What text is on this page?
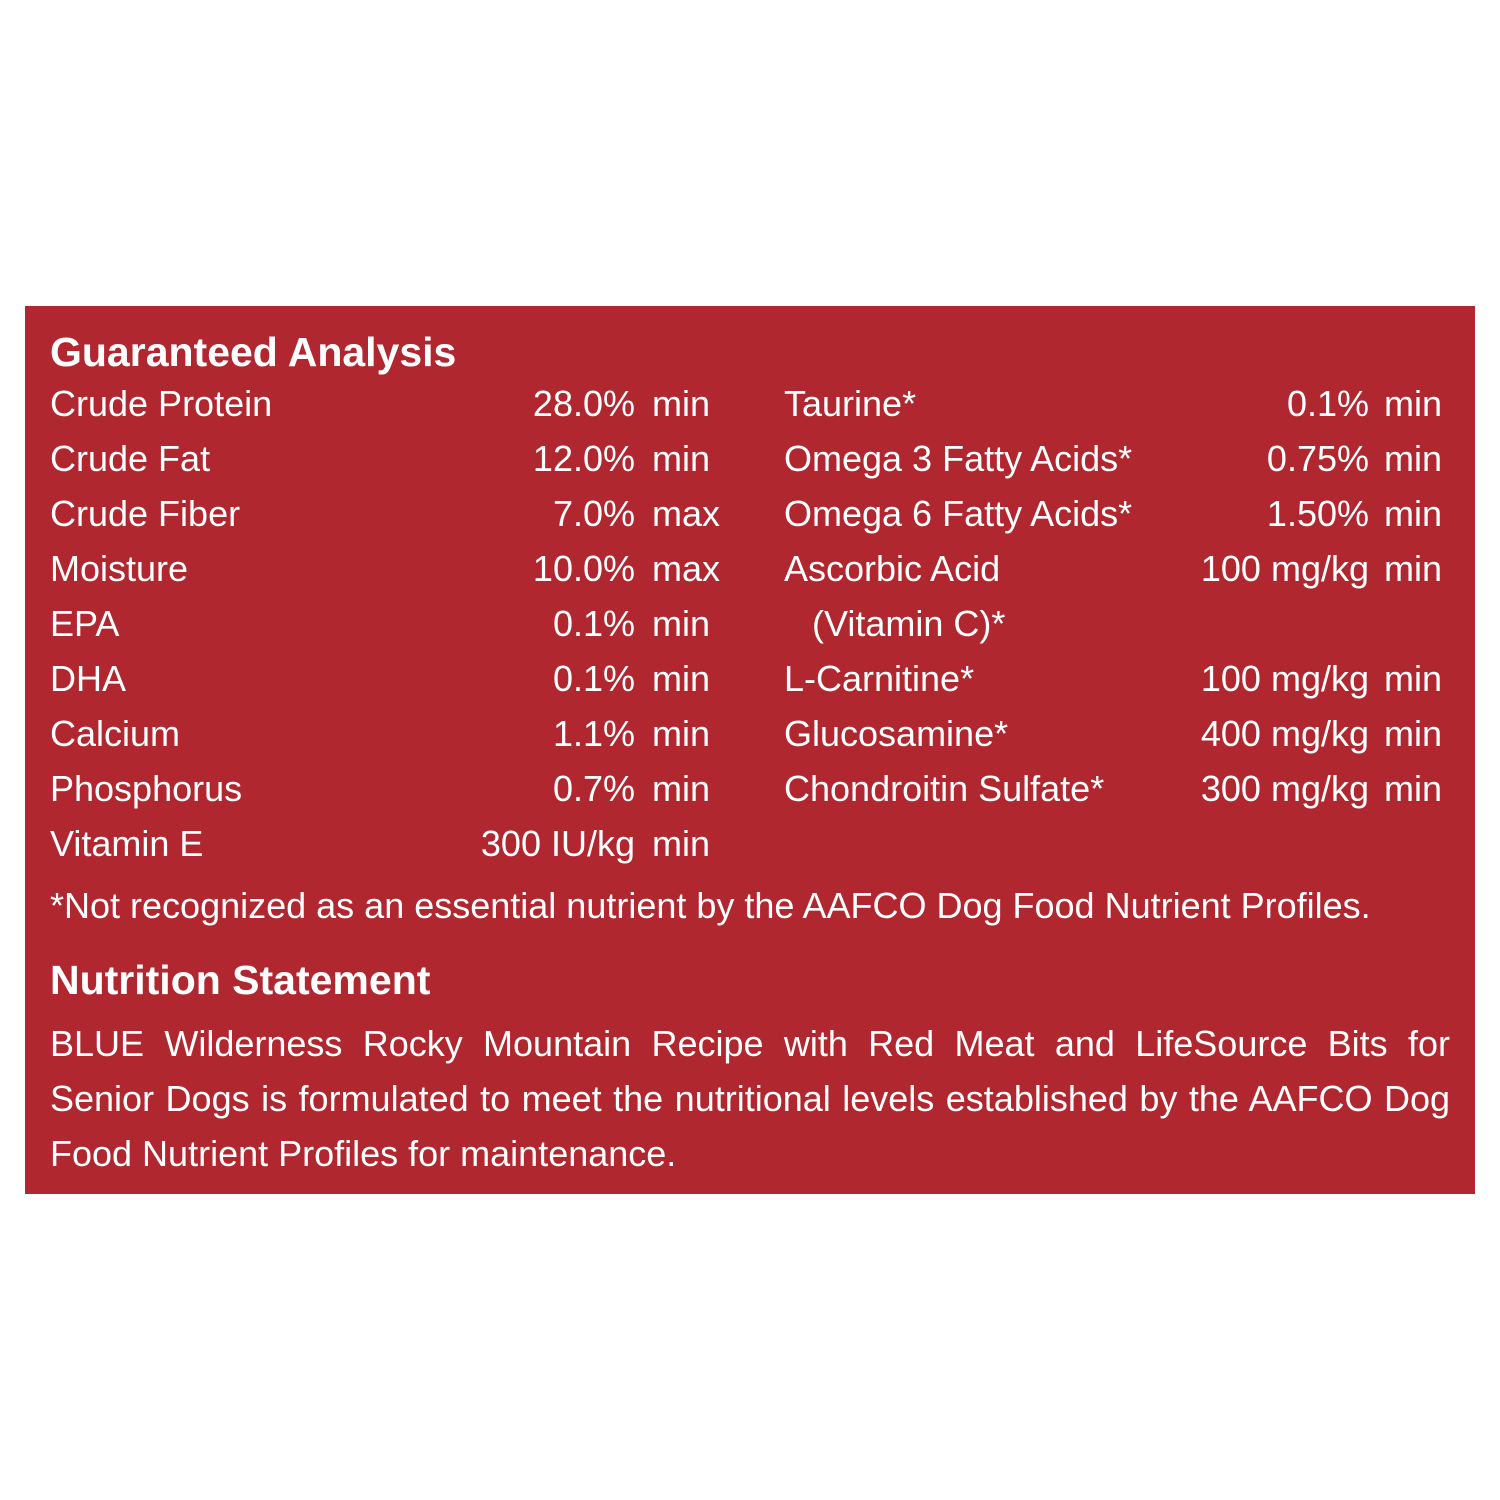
Guaranteed Analysis
Crude Protein	28.0% min
Crude Fat	12.0% min
Crude Fiber	7.0% max
Moisture	10.0% max
EPA	0.1% min
DHA	0.1% min
Calcium	1.1% min
Phosphorus	0.7% min
Vitamin E	300 IU/kg min
Taurine*	0.1% min
Omega 3 Fatty Acids*	0.75% min
Omega 6 Fatty Acids*	1.50% min
Ascorbic Acid	100 mg/kg min
(Vitamin C)*
L-Carnitine*	100 mg/kg min
Glucosamine*	400 mg/kg min
Chondroitin Sulfate*	300 mg/kg min
*Not recognized as an essential nutrient by the AAFCO Dog Food Nutrient Profiles.
Nutrition Statement
BLUE Wilderness Rocky Mountain Recipe with Red Meat and LifeSource Bits for Senior Dogs is formulated to meet the nutritional levels established by the AAFCO Dog Food Nutrient Profiles for maintenance.
